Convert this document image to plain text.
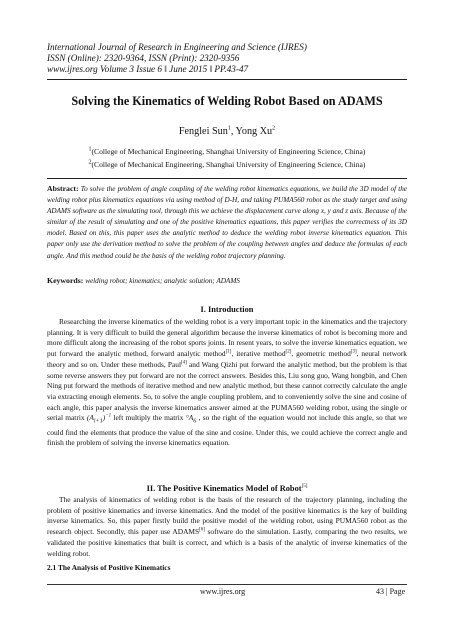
International Journal of Research in Engineering and Science (IJRES)
ISSN (Online): 2320-9364, ISSN (Print): 2320-9356
www.ijres.org Volume 3 Issue 6 ǁ June 2015 ǁ PP.43-47
Solving the Kinematics of Welding Robot Based on ADAMS
Fenglei Sun$^1$, Yong Xu$^2$
$^1$(College of Mechanical Engineering, Shanghai University of Engineering Science, China)
$^2$(College of Mechanical Engineering, Shanghai University of Engineering Science, China)
Abstract: To solve the problem of angle coupling of the welding robot kinematics equations, we build the 3D model of the welding robot plus kinematics equations via using method of D-H, and taking PUMA560 robot as the study target and using ADAMS software as the simulating tool, through this we achieve the displacement curve along x, y and z axis. Because of the similar of the result of simulating and one of the positive kinematics equations, this paper verifies the correctness of its 3D model. Based on this, this paper uses the analytic method to deduce the welding robot inverse kinematics equation. This paper only use the derivation method to solve the problem of the coupling between angles and deduce the formulas of each angle. And this method could be the basis of the welding robot trajectory planning.
Keywords: welding robot; kinematics; analytic solution; ADAMS
I. Introduction

Researching the inverse kinematics of the welding robot is a very important topic in the kinematics and the trajectory planning. It is very difficult to build the general algorithm because the inverse kinematics of robot is becoming more and more difficult along the increasing of the robot sports joints. In resent years, to solve the inverse kinematics equation, we put forward the analytic method, forward analytic method[1], iterative method[2], geometric method[3], neural network theory and so on. Under these methods, Paul[4] and Wang Qizhi put forward the analytic method, but the problem is that some reverse answers they put forward are not the correct answers. Besides this, Liu song guo, Wang hongbin, and Chen Ning put forward the methods of iterative method and new analytic method, but these cannot correctly calculate the angle via extracting enough elements. So, to solve the angle coupling problem, and to conveniently solve the sine and cosine of each angle, this paper analysis the inverse kinematics answer aimed at the PUMA560 welding robot, using the single or serial matrix $(A_{i+1})^{-1}$ left multiply the matrix $^\circ A_6$ , so the right of the equation would not include this angle, so that we could find the elements that produce the value of the sine and cosine. Under this, we could achieve the correct angle and finish the problem of solving the inverse kinematics equation.

II. The Positive Kinematics Model of Robot[5]

The analysis of kinematics of welding robot is the basis of the research of the trajectory planning, including the problem of positive kinematics and inverse kinematics. And the model of the positive kinematics is the key of building inverse kinematics. So, this paper firstly build the positive model of the welding robot, using PUMA560 robot as the research object. Secondly, this paper use ADAMS[6] software do the simulation. Lastly, comparing the two results, we validated the positive kinematics that built is correct, and which is a basis of the analytic of inverse kinematics of the welding robot.

2.1 The Analysis of Positive Kinematics
www.ijres.org	43 | Page
